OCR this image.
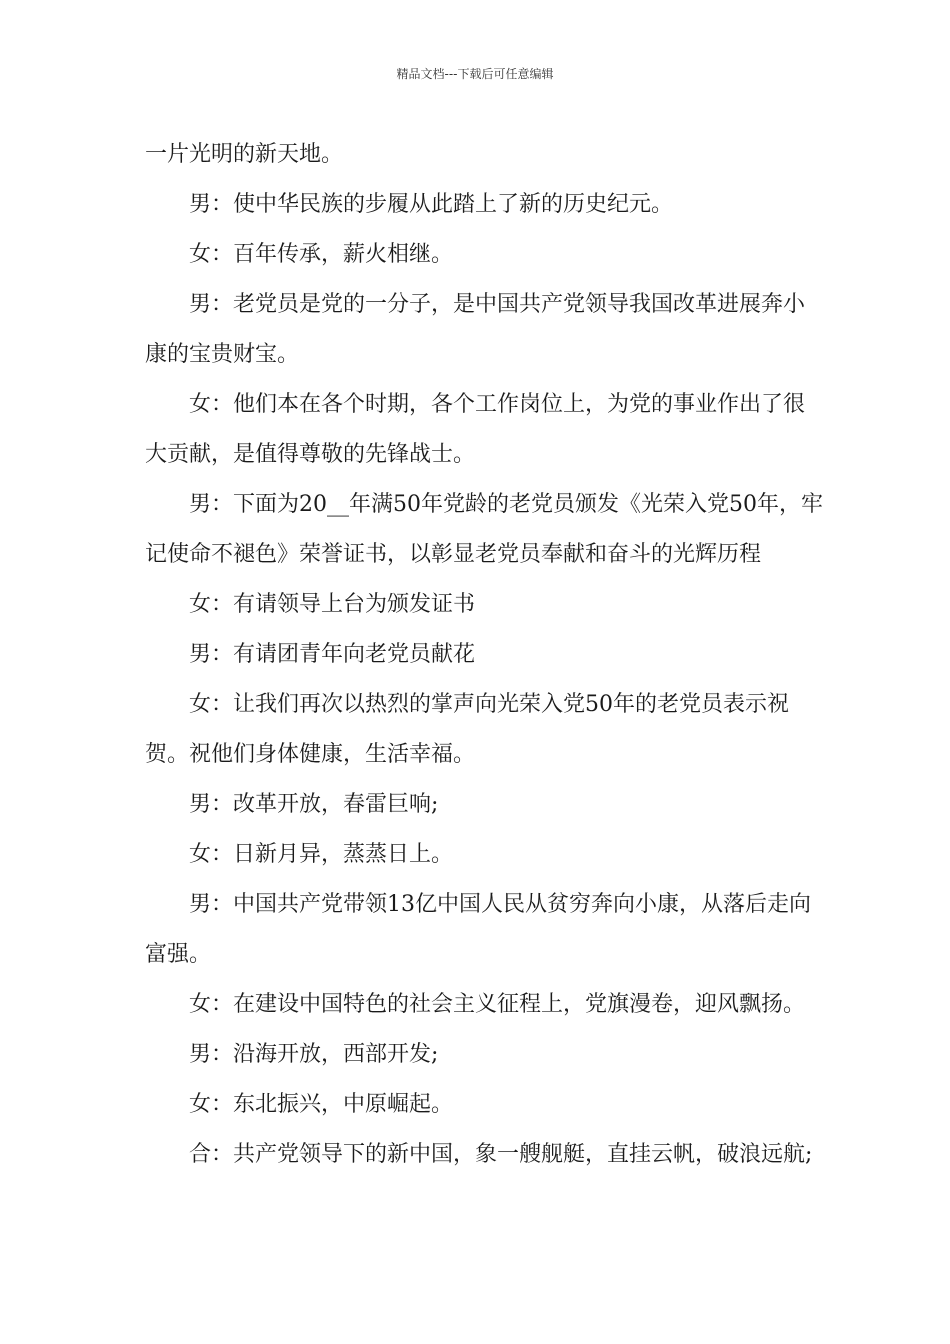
精品文档---下载后可任意编辑

一片光明的新天地。

男：使中华民族的步履从此踏上了新的历史纪元。

女：百年传承，薪火相继。

男：老党员是党的一分子，是中国共产党领导我国改革进展奔小康的宝贵财宝。

女：他们本在各个时期，各个工作岗位上，为党的事业作出了很大贡献，是值得尊敬的先锋战士。

男：下面为20__年满50年党龄的老党员颁发《光荣入党50年，牢记使命不褪色》荣誉证书，以彰显老党员奉献和奋斗的光辉历程

女：有请领导上台为颁发证书

男：有请团青年向老党员献花

女：让我们再次以热烈的掌声向光荣入党50年的老党员表示祝贺。祝他们身体健康，生活幸福。

男：改革开放，春雷巨响;

女：日新月异，蒸蒸日上。

男：中国共产党带领13亿中国人民从贫穷奔向小康，从落后走向富强。

女：在建设中国特色的社会主义征程上，党旗漫卷，迎风飘扬。

男：沿海开放，西部开发;

女：东北振兴，中原崛起。

合：共产党领导下的新中国，象一艘舰艇，直挂云帆，破浪远航;
